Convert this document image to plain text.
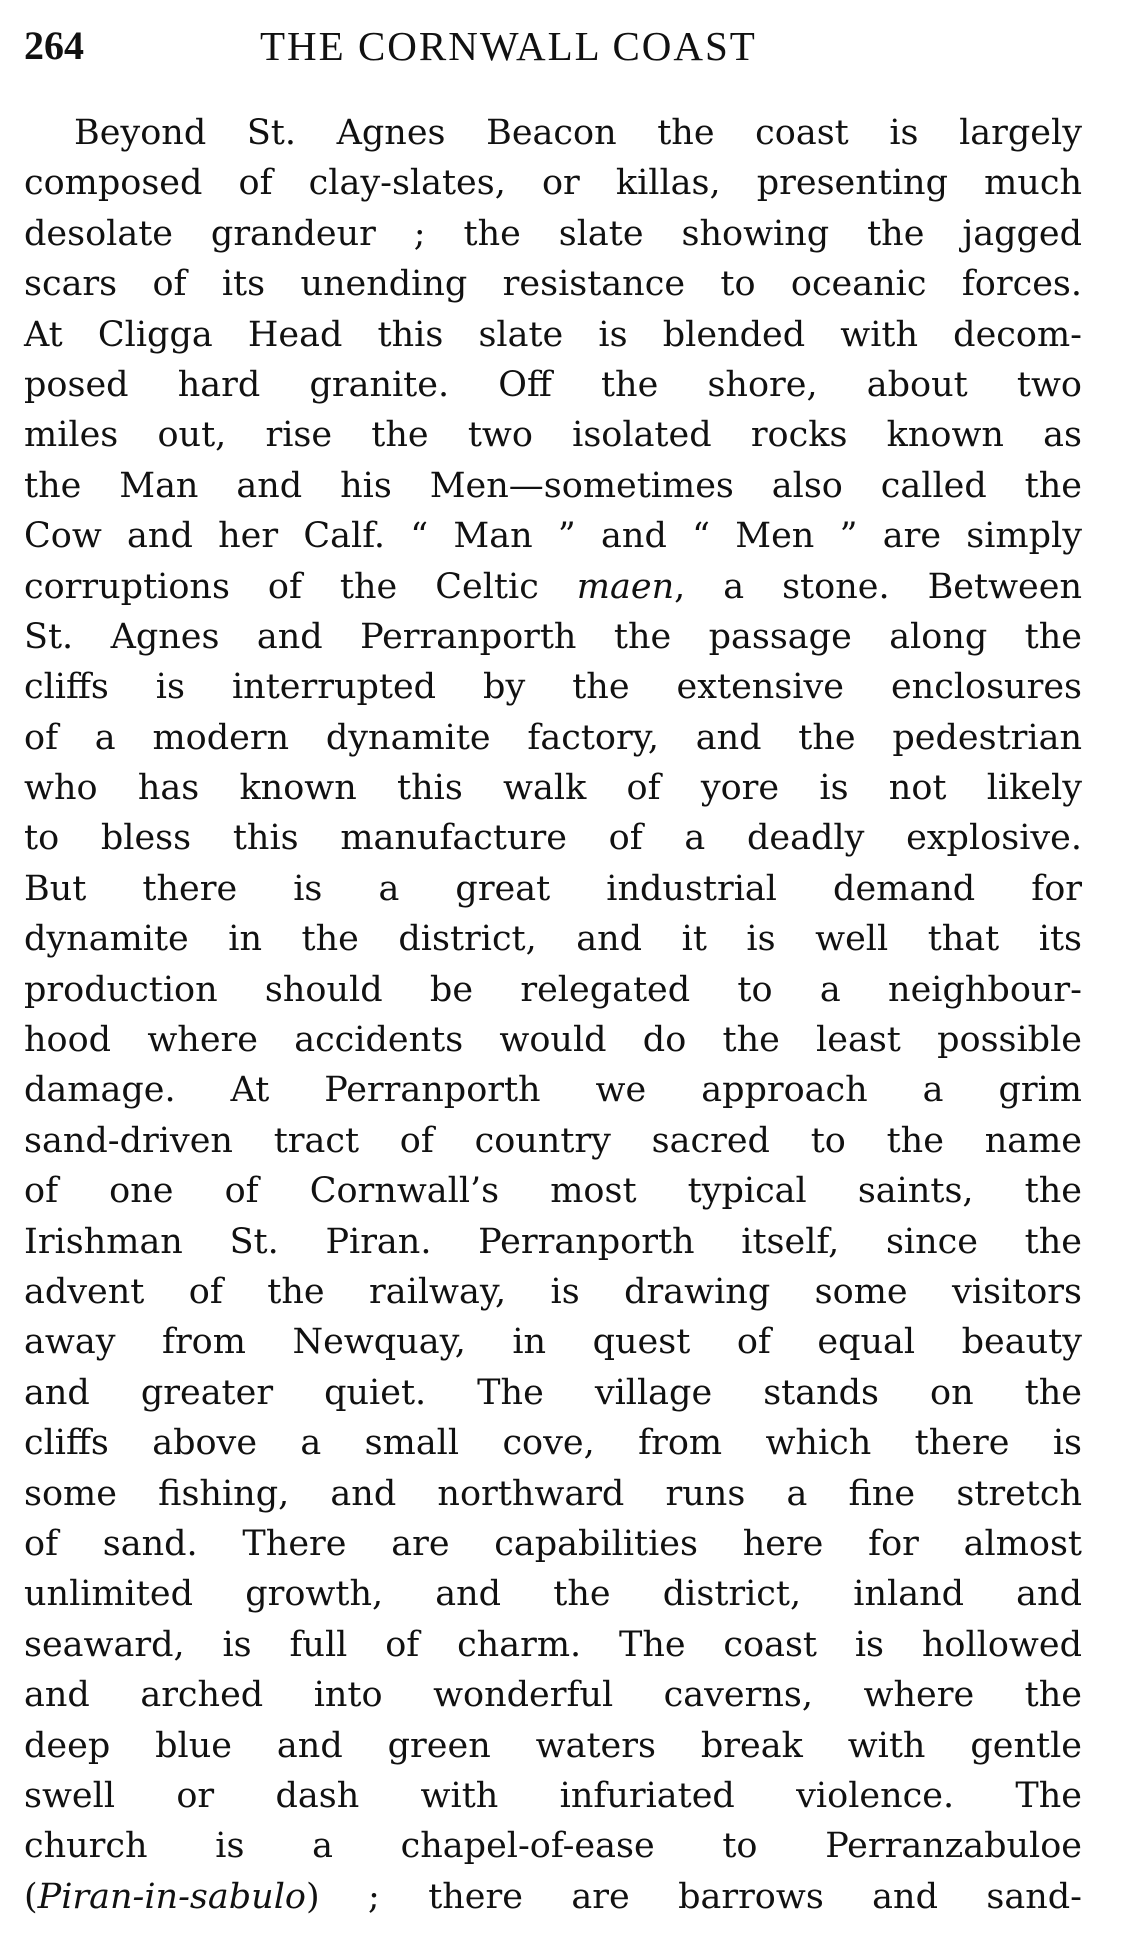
264	THE CORNWALL COAST
Beyond St. Agnes Beacon the coast is largely
composed of clay-slates, or killas, presenting much
desolate grandeur ; the slate showing the jagged
scars of its unending resistance to oceanic forces.
At Cligga Head this slate is blended with decom-
posed hard granite. Off the shore, about two
miles out, rise the two isolated rocks known as
the Man and his Men—sometimes also called the
Cow and her Calf. “ Man ” and “ Men ” are simply
corruptions of the Celtic maen, a stone. Between
St. Agnes and Perranporth the passage along the
cliffs is interrupted by the extensive enclosures
of a modern dynamite factory, and the pedestrian
who has known this walk of yore is not likely
to bless this manufacture of a deadly explosive.
But there is a great industrial demand for
dynamite in the district, and it is well that its
production should be relegated to a neighbour-
hood where accidents would do the least possible
damage. At Perranporth we approach a grim
sand-driven tract of country sacred to the name
of one of Cornwall’s most typical saints, the
Irishman St. Piran. Perranporth itself, since the
advent of the railway, is drawing some visitors
away from Newquay, in quest of equal beauty
and greater quiet. The village stands on the
cliffs above a small cove, from which there is
some fishing, and northward runs a fine stretch
of sand. There are capabilities here for almost
unlimited growth, and the district, inland and
seaward, is full of charm. The coast is hollowed
and arched into wonderful caverns, where the
deep blue and green waters break with gentle
swell or dash with infuriated violence. The
church is a chapel-of-ease to Perranzabuloe
(Piran-in-sabulo) ; there are barrows and sand-
